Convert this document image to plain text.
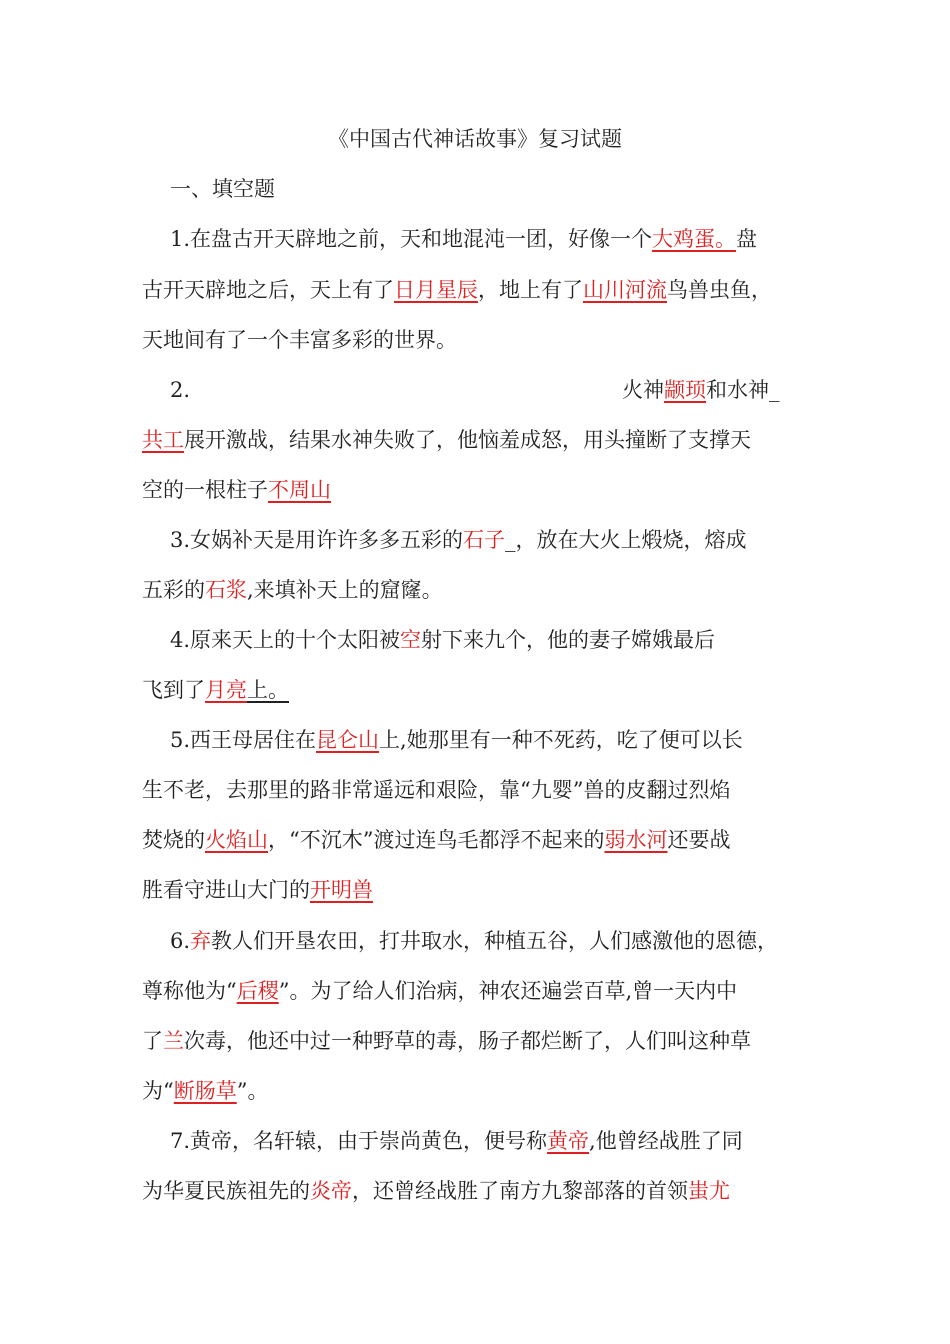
《中国古代神话故事》复习试题
一、填空题
1.在盘古开天辟地之前，天和地混沌一团，好像一个大鸡蛋。盘
古开天辟地之后，天上有了日月星辰，地上有了山川河流鸟兽虫鱼，
天地间有了一个丰富多彩的世界。
2.	火神颛顼和水神_
共工展开激战，结果水神失败了，他恼羞成怒，用头撞断了支撑天
空的一根柱子不周山
3.女娲补天是用许许多多五彩的石子_，放在大火上煅烧，熔成
五彩的石浆,来填补天上的窟窿。
4.原来天上的十个太阳被空射下来九个，他的妻子嫦娥最后
飞到了月亮上。
5.西王母居住在昆仑山上,她那里有一种不死药，吃了便可以长
生不老，去那里的路非常遥远和艰险，靠“九婴”兽的皮翻过烈焰
焚烧的火焰山，“不沉木”渡过连鸟毛都浮不起来的弱水河还要战
胜看守进山大门的开明兽
6.弃教人们开垦农田，打井取水，种植五谷，人们感激他的恩德，
尊称他为“后稷”。为了给人们治病，神农还遍尝百草,曾一天内中
了兰次毒，他还中过一种野草的毒，肠子都烂断了，人们叫这种草
为“断肠草”。
7.黄帝，名轩辕，由于崇尚黄色，便号称黄帝,他曾经战胜了同
为华夏民族祖先的炎帝，还曾经战胜了南方九黎部落的首领蚩尤
